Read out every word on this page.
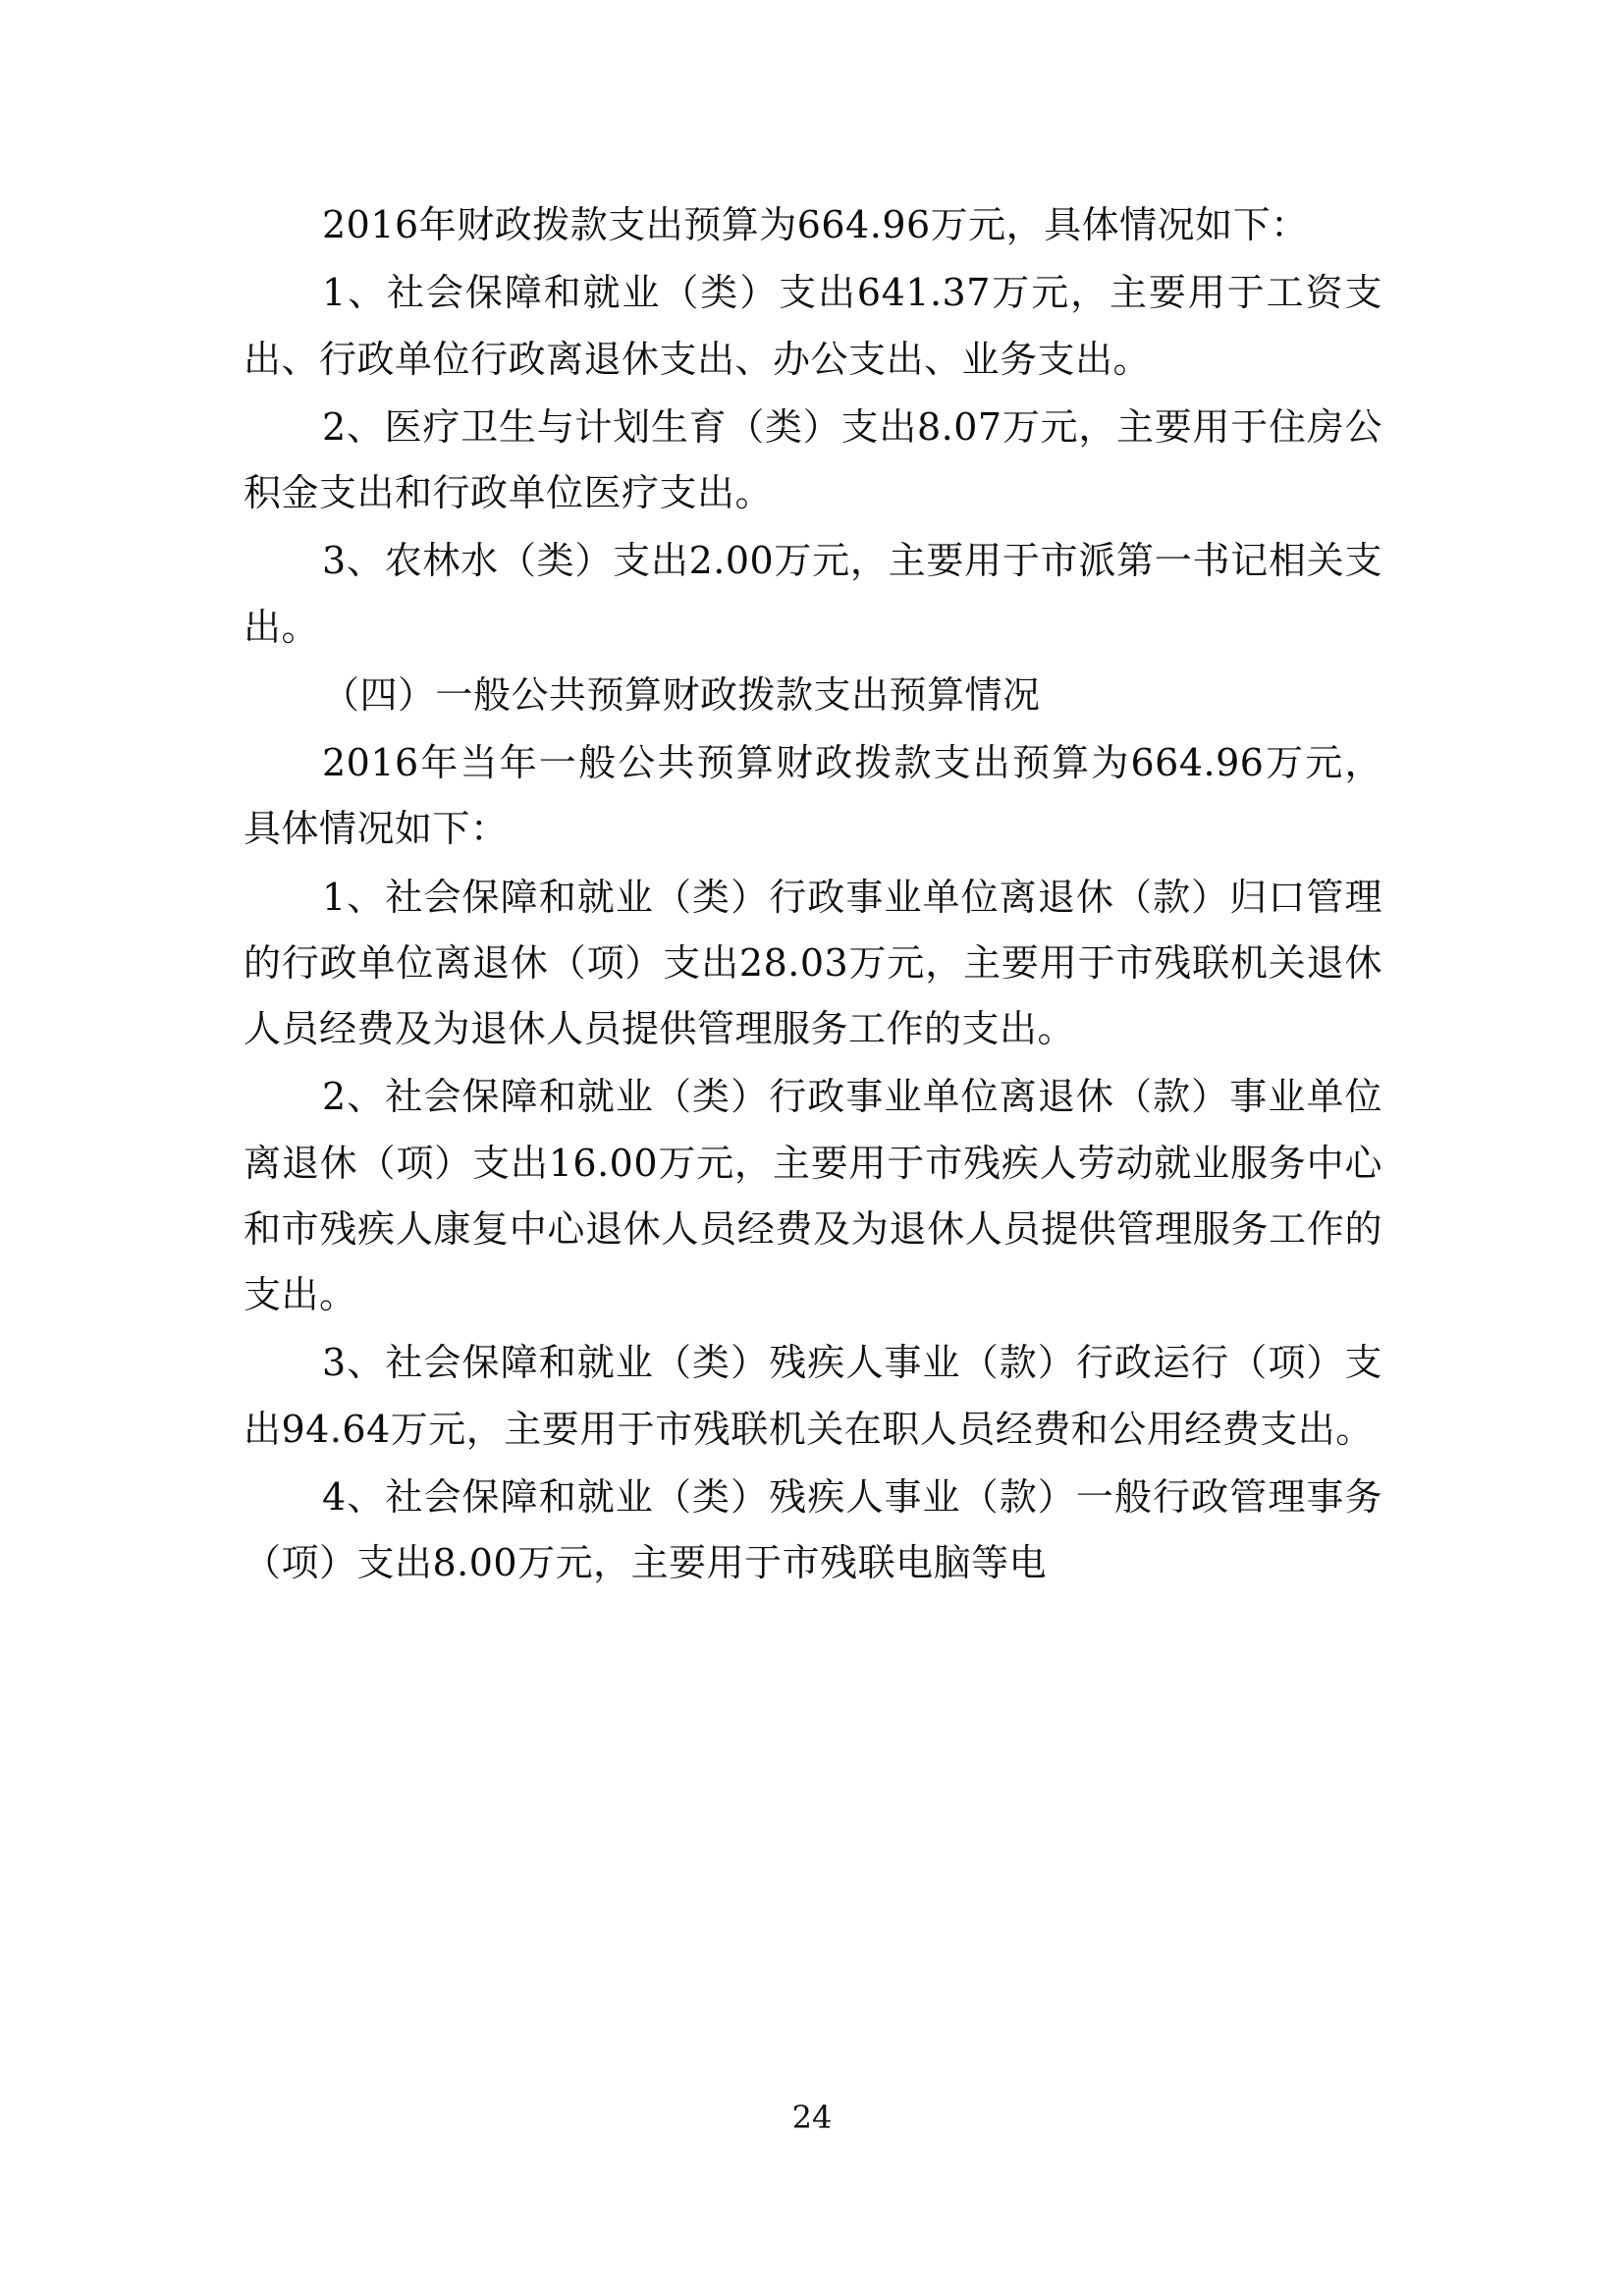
2016年财政拨款支出预算为664.96万元，具体情况如下：

1、社会保障和就业（类）支出641.37万元，主要用于工资支出、行政单位行政离退休支出、办公支出、业务支出。

2、医疗卫生与计划生育（类）支出8.07万元，主要用于住房公积金支出和行政单位医疗支出。

3、农林水（类）支出2.00万元，主要用于市派第一书记相关支出。

（四）一般公共预算财政拨款支出预算情况

2016年当年一般公共预算财政拨款支出预算为664.96万元，具体情况如下：

1、社会保障和就业（类）行政事业单位离退休（款）归口管理的行政单位离退休（项）支出28.03万元，主要用于市残联机关退休人员经费及为退休人员提供管理服务工作的支出。

2、社会保障和就业（类）行政事业单位离退休（款）事业单位离退休（项）支出16.00万元，主要用于市残疾人劳动就业服务中心和市残疾人康复中心退休人员经费及为退休人员提供管理服务工作的支出。

3、社会保障和就业（类）残疾人事业（款）行政运行（项）支出94.64万元，主要用于市残联机关在职人员经费和公用经费支出。

4、社会保障和就业（类）残疾人事业（款）一般行政管理事务（项）支出8.00万元，主要用于市残联电脑等电

24
